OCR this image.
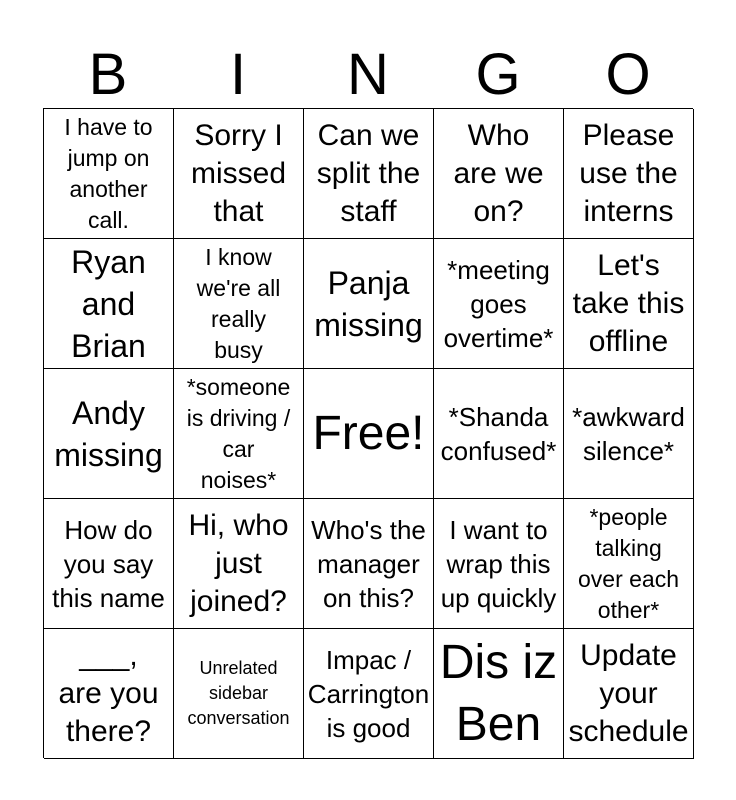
B	I	N	G	O
I have to
jump on
another
call.
Sorry I
missed
that
Can we
split the
staff
Who
are we
on?
Please
use the
interns
Ryan
and
Brian
I know
we're all
really
busy
Panja
missing
*meeting
goes
overtime*
Let's
take this
offline
Andy
missing
*someone
is driving /
car
noises*
Free! *Shanda
confused*
*awkward
silence*
How do
you say
this name
Hi, who
just
joined?
Who's the
manager
on this?
I want to
wrap this
up quickly
*people
talking
over each
other*
___,
are you
there?
Unrelated
sidebar
conversation
Impac /
Carrington
is good
Dis iz
Ben
Update
your
schedule
